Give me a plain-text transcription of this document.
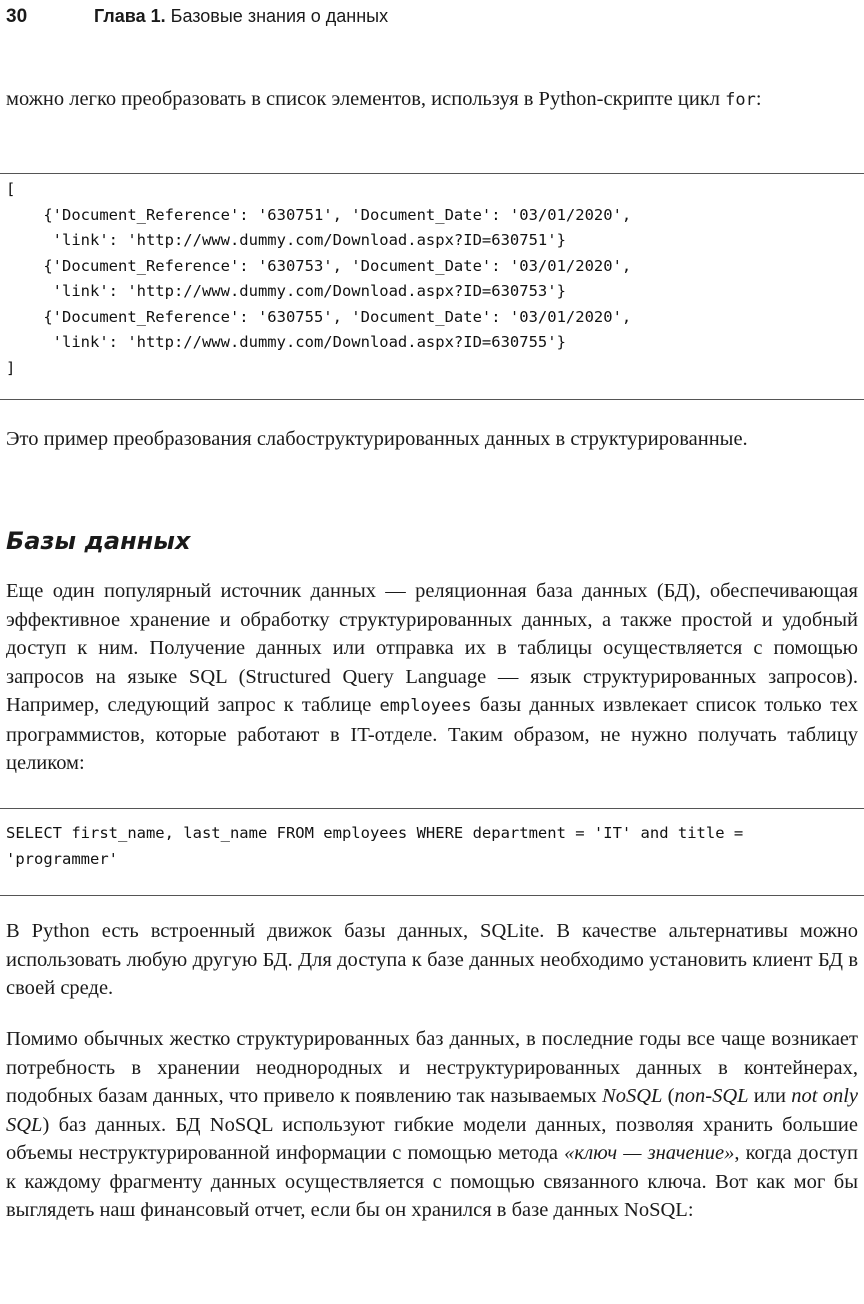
30	Глава 1. Базовые знания о данных

можно легко преобразовать в список элементов, используя в Python-скрипте цикл for:

[
{'Document_Reference': '630751', 'Document_Date': '03/01/2020',
'link': 'http://www.dummy.com/Download.aspx?ID=630751'}
{'Document_Reference': '630753', 'Document_Date': '03/01/2020',
'link': 'http://www.dummy.com/Download.aspx?ID=630753'}
{'Document_Reference': '630755', 'Document_Date': '03/01/2020',
'link': 'http://www.dummy.com/Download.aspx?ID=630755'}
]

Это пример преобразования слабоструктурированных данных в структурированные.

Базы данных

Еще один популярный источник данных — реляционная база данных (БД), обеспечивающая эффективное хранение и обработку структурированных данных, а также простой и удобный доступ к ним. Получение данных или отправка их в таблицы осуществляется с помощью запросов на языке SQL (Structured Query Language — язык структурированных запросов). Например, следующий запрос к таблице employees базы данных извлекает список только тех программистов, которые работают в IT-отделе. Таким образом, не нужно получать таблицу целиком:

SELECT first_name, last_name FROM employees WHERE department = 'IT' and title =
'programmer'

В Python есть встроенный движок базы данных, SQLite. В качестве альтернативы можно использовать любую другую БД. Для доступа к базе данных необходимо установить клиент БД в своей среде.

Помимо обычных жестко структурированных баз данных, в последние годы все чаще возникает потребность в хранении неоднородных и неструктурированных данных в контейнерах, подобных базам данных, что привело к появлению так называемых NoSQL (non-SQL или not only SQL) баз данных. БД NoSQL используют гибкие модели данных, позволяя хранить большие объемы неструктурированной информации с помощью метода «ключ — значение», когда доступ к каждому фрагменту данных осуществляется с помощью связанного ключа. Вот как мог бы выглядеть наш финансовый отчет, если бы он хранился в базе данных NoSQL:
